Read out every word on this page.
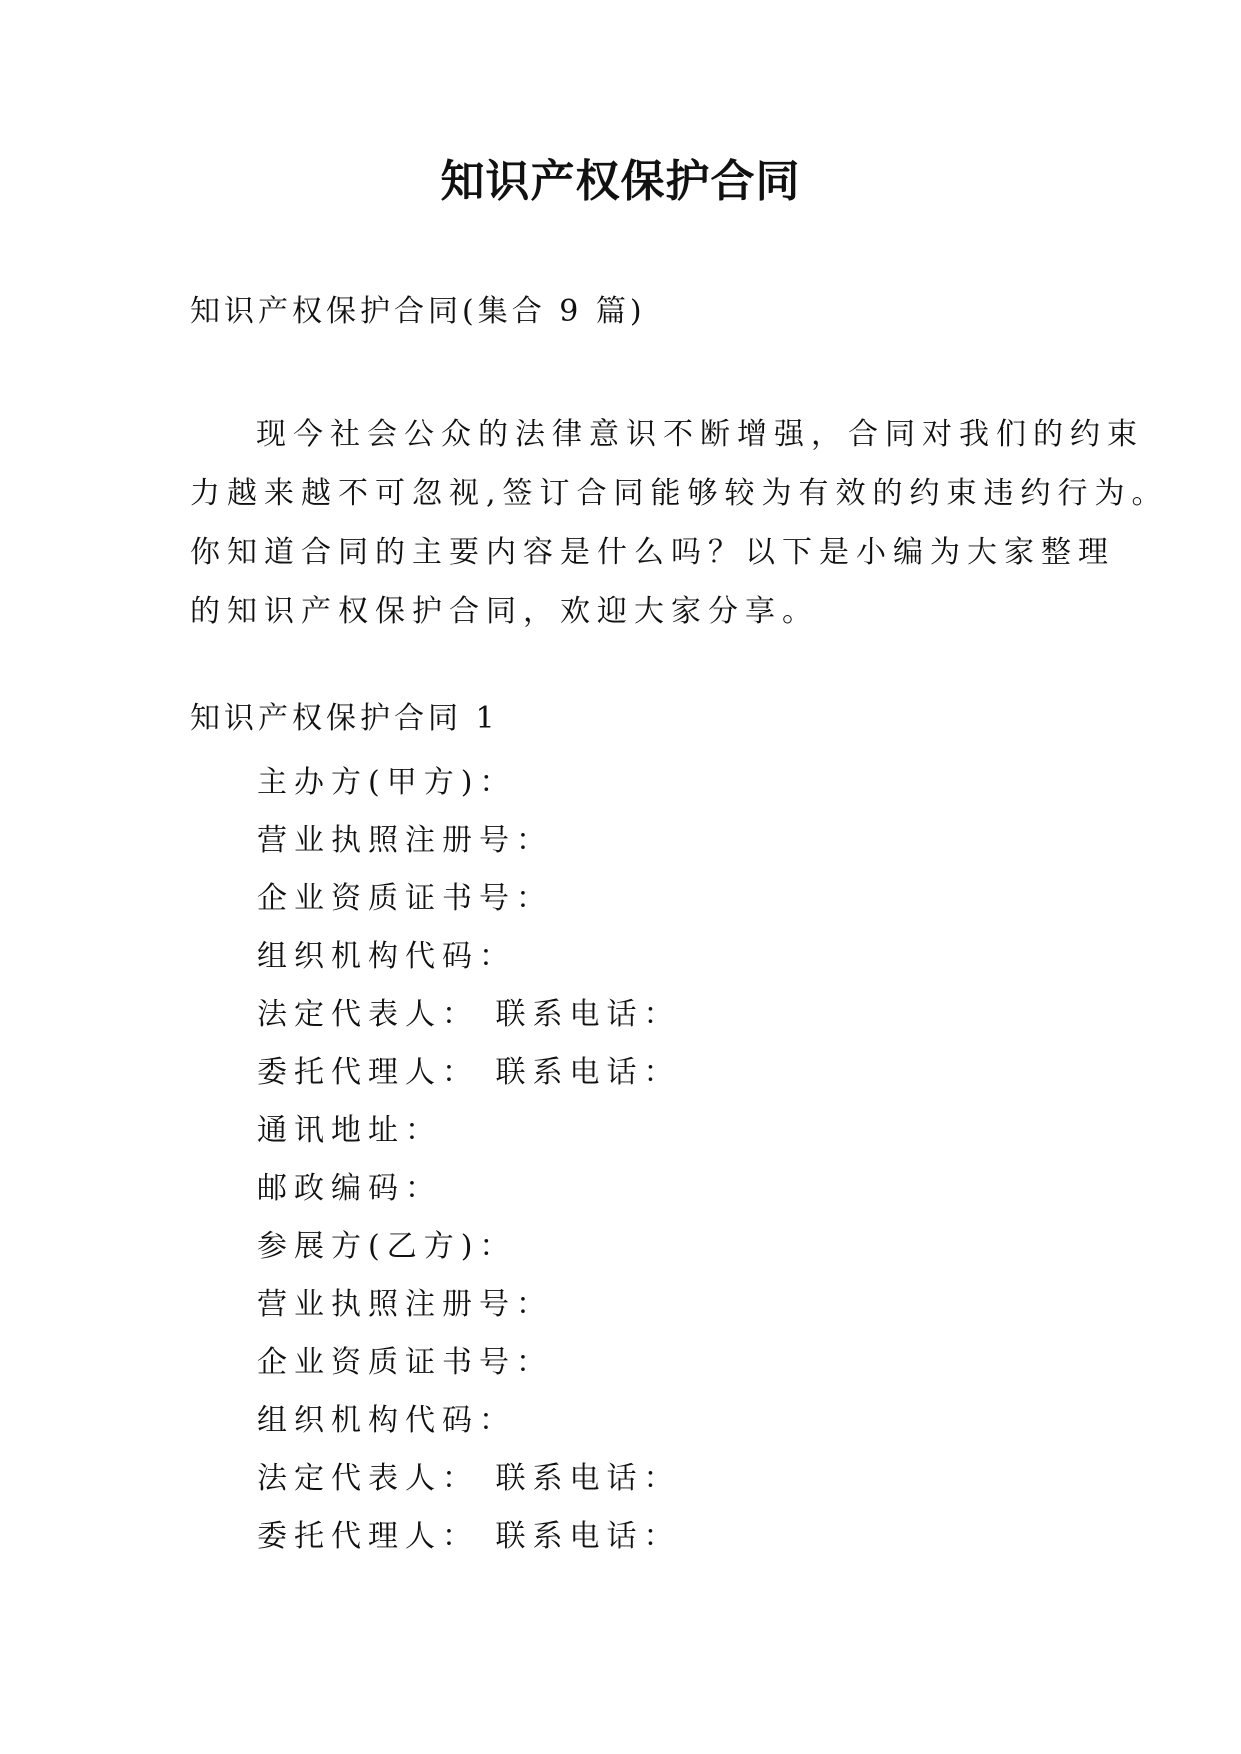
知识产权保护合同
知识产权保护合同(集合 9 篇)
现今社会公众的法律意识不断增强，合同对我们的约束
力越来越不可忽视,签订合同能够较为有效的约束违约行为。
你知道合同的主要内容是什么吗？以下是小编为大家整理
的知识产权保护合同，欢迎大家分享。
知识产权保护合同 1
主办方(甲方)：
营业执照注册号：
企业资质证书号：
组织机构代码：
法定代表人： 联系电话：
委托代理人： 联系电话：
通讯地址：
邮政编码：
参展方(乙方)：
营业执照注册号：
企业资质证书号：
组织机构代码：
法定代表人： 联系电话：
委托代理人： 联系电话：
